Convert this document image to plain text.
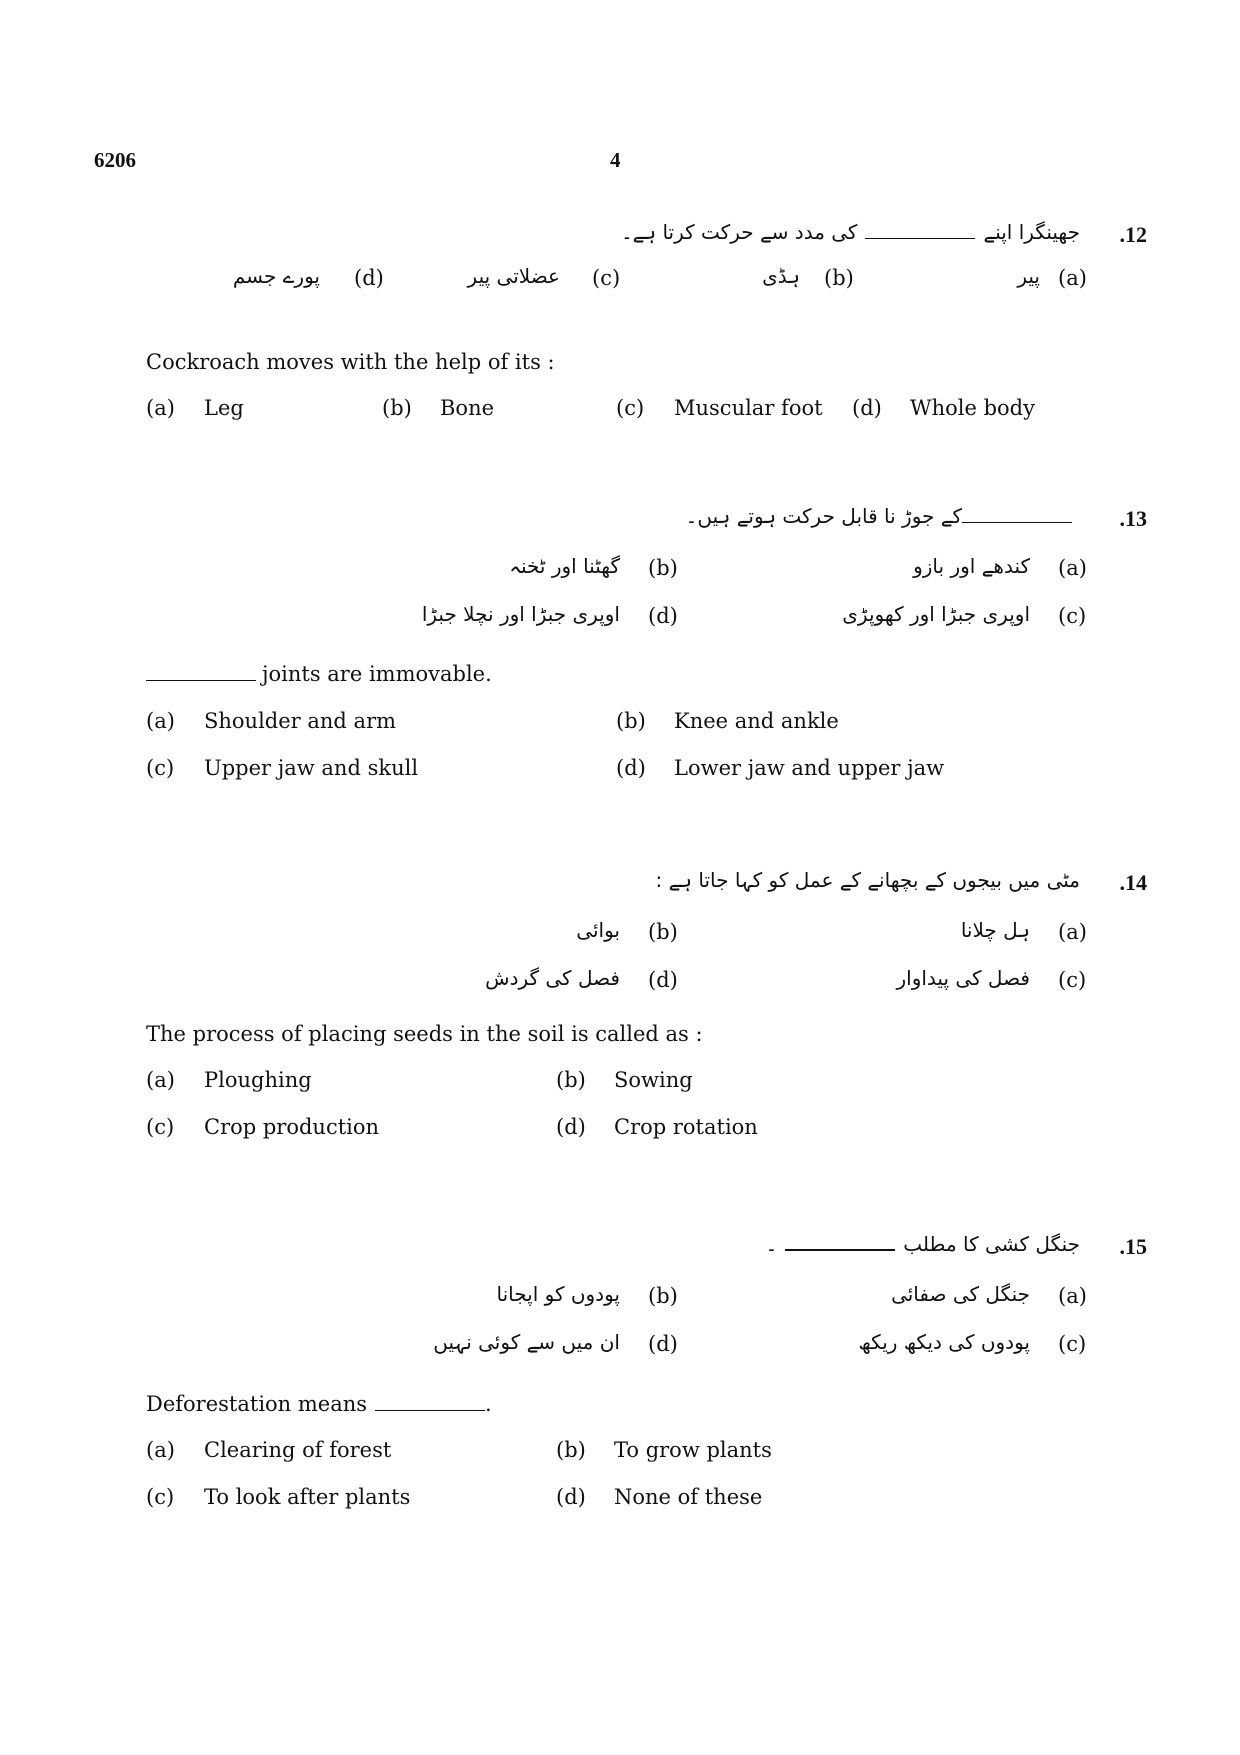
6206	4
.12
جھینگرا اپنےکی مدد سے حرکت کرتا ہے۔
(a)
پیر
(b)
ہڈی
(c)
عضلاتی پیر
(d)
پورے جسم
Cockroach moves with the help of its :
(a) Leg	(b) Bone	(c) Muscular foot (d) Whole body
.13
کے جوڑ نا قابل حرکت ہوتے ہیں۔
(a)
کندھے اور بازو
(b)
گھٹنا اور ٹخنہ
(c)
اوپری جبڑا اور کھوپڑی
(d)
اوپری جبڑا اور نچلا جبڑا
joints are immovable.
(a) Shoulder and arm	(b) Knee and ankle
(c) Upper jaw and skull	(d) Lower jaw and upper jaw
.14
مٹی میں بیجوں کے بچھانے کے عمل کو کہا جاتا ہے :
(a)
ہل چلانا
(b)
بوائی
(c)
فصل کی پیداوار
(d)
فصل کی گردش
The process of placing seeds in the soil is called as :
(a) Ploughing	(b) Sowing
(c) Crop production	(d) Crop rotation
.15
جنگل کشی کا مطلب۔
(a)
جنگل کی صفائی
(b)
پودوں کو اپجانا
(c)
پودوں کی دیکھ ریکھ
(d)
ان میں سے کوئی نہیں
Deforestation means	.
(a) Clearing of forest	(b) To grow plants
(c) To look after plants	(d) None of these
